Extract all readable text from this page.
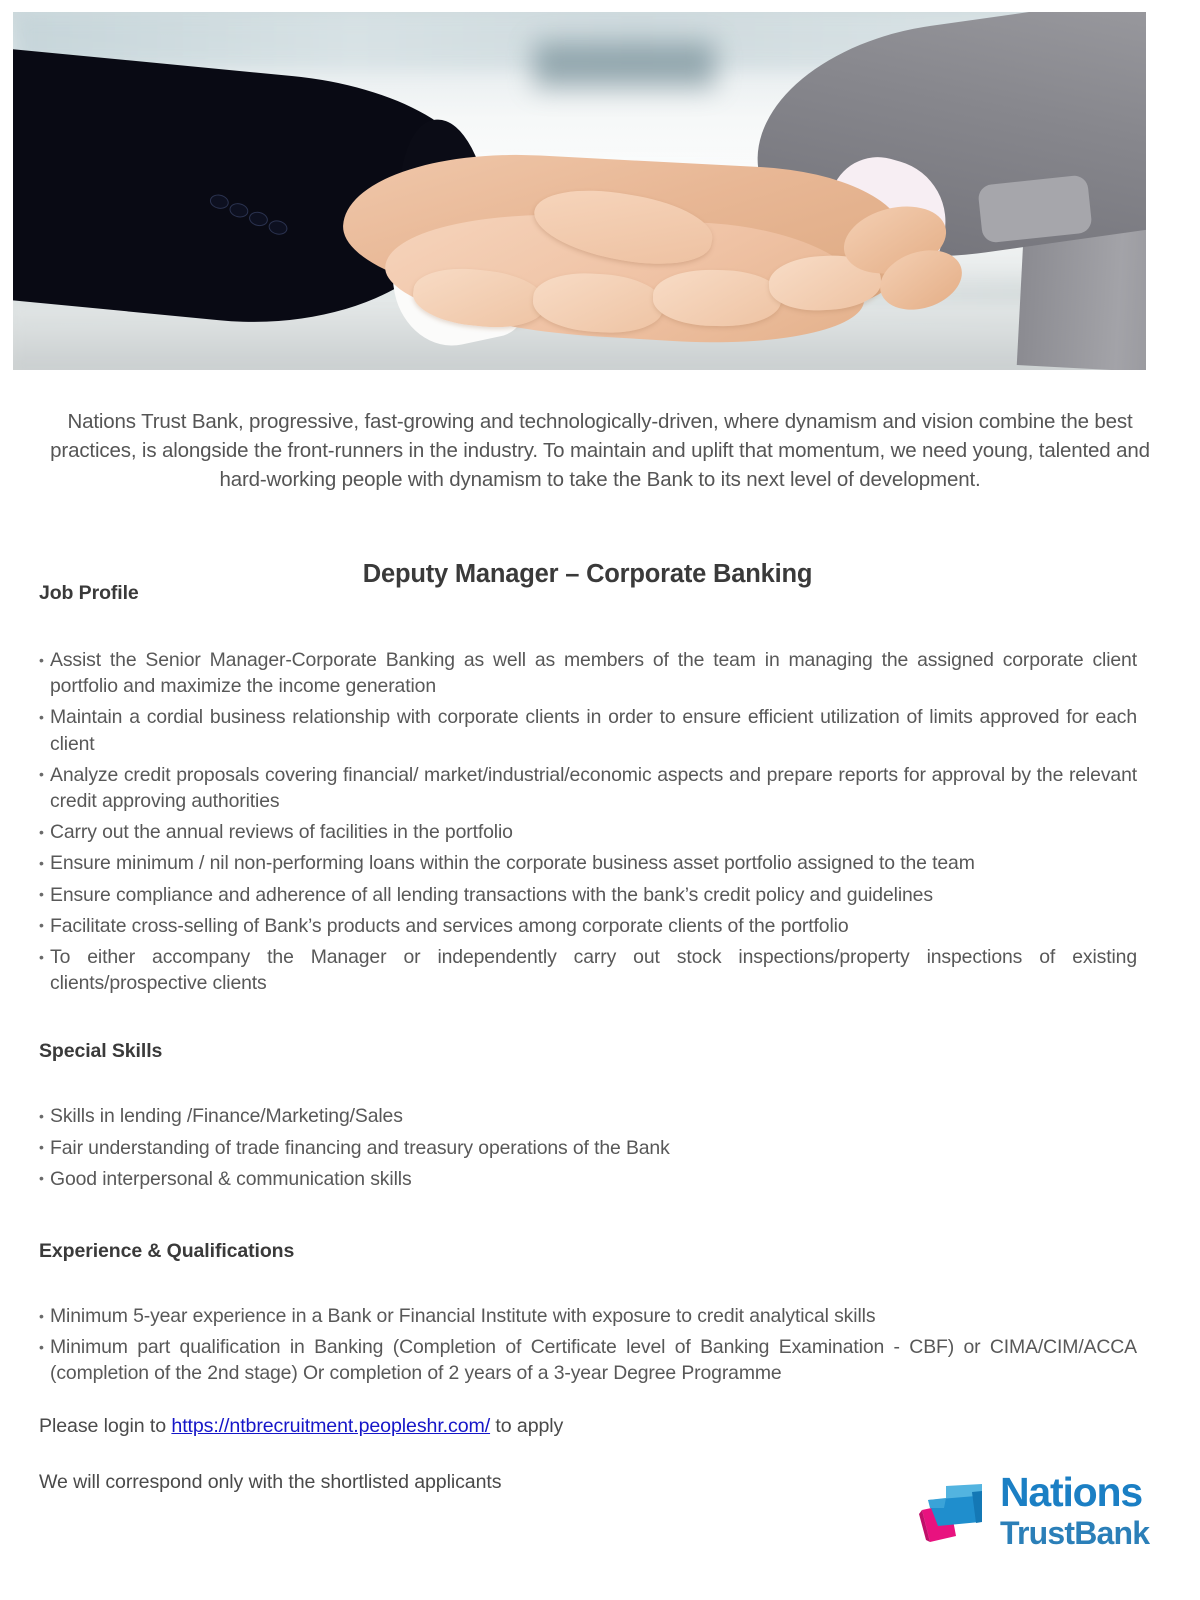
Nations Trust Bank, progressive, fast-growing and technologically-driven, where dynamism and vision combine the best practices, is alongside the front-runners in the industry. To maintain and uplift that momentum, we need young, talented and hard-working people with dynamism to take the Bank to its next level of development.

Deputy Manager – Corporate Banking
Job Profile
• Assist the Senior Manager-Corporate Banking as well as members of the team in managing the assigned corporate client portfolio and maximize the income generation
• Maintain a cordial business relationship with corporate clients in order to ensure efficient utilization of limits approved for each client
• Analyze credit proposals covering financial/ market/industrial/economic aspects and prepare reports for approval by the relevant credit approving authorities
• Carry out the annual reviews of facilities in the portfolio
• Ensure minimum / nil non-performing loans within the corporate business asset portfolio assigned to the team
• Ensure compliance and adherence of all lending transactions with the bank’s credit policy and guidelines
• Facilitate cross-selling of Bank’s products and services among corporate clients of the portfolio
• To either accompany the Manager or independently carry out stock inspections/property inspections of existing clients/prospective clients
Special Skills
• Skills in lending /Finance/Marketing/Sales
• Fair understanding of trade financing and treasury operations of the Bank
• Good interpersonal & communication skills
Experience & Qualifications
• Minimum 5-year experience in a Bank or Financial Institute with exposure to credit analytical skills
• Minimum part qualification in Banking (Completion of Certificate level of Banking Examination - CBF) or CIMA/CIM/ACCA (completion of the 2nd stage) Or completion of 2 years of a 3-year Degree Programme
Please login to https://ntbrecruitment.peopleshr.com/ to apply
We will correspond only with the shortlisted applicants	Nations
TrustBank
